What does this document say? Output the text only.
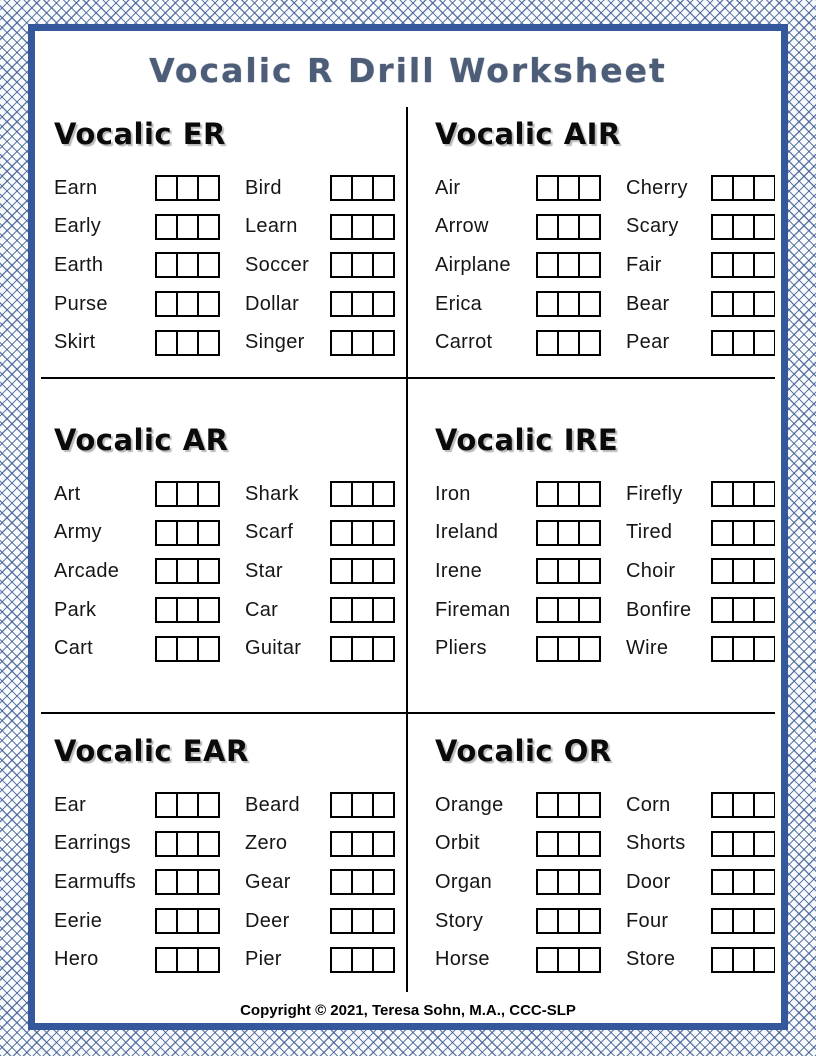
Vocalic R Drill Worksheet
Vocalic ER
Earn	Bird
Early	Learn
Earth	Soccer
Purse	Dollar
Skirt	Singer
Vocalic AIR
Air	Cherry
Arrow	Scary
Airplane	Fair
Erica	Bear
Carrot	Pear
Vocalic AR
Art	Shark
Army	Scarf
Arcade	Star
Park	Car
Cart	Guitar
Vocalic IRE
Iron	Firefly
Ireland	Tired
Irene	Choir
Fireman	Bonfire
Pliers	Wire
Vocalic EAR
Ear	Beard
Earrings	Zero
Earmuffs	Gear
Eerie	Deer
Hero	Pier
Vocalic OR
Orange	Corn
Orbit	Shorts
Organ	Door
Story	Four
Horse	Store
Copyright © 2021, Teresa Sohn, M.A., CCC-SLP
